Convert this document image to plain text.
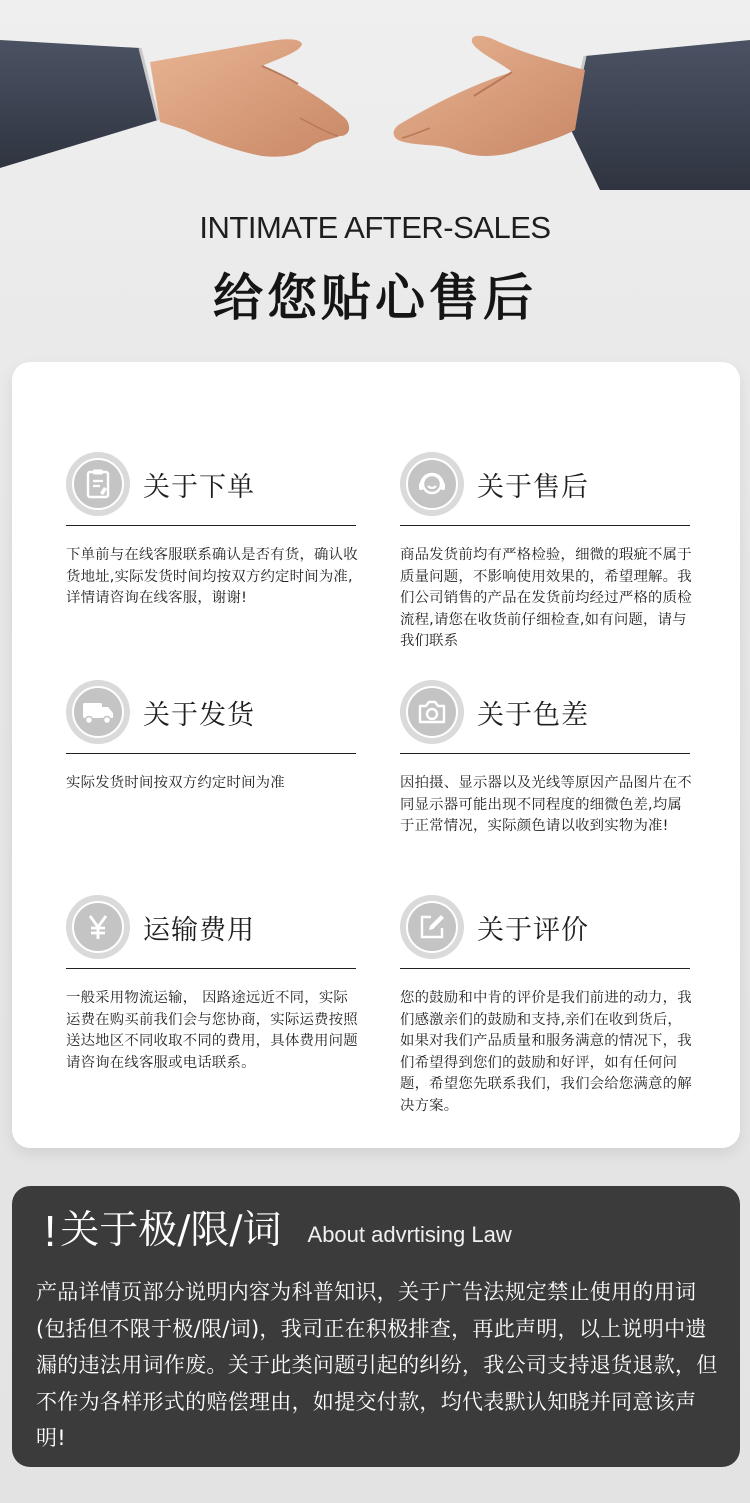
INTIMATE AFTER-SALES
给您贴心售后
关于下单
下单前与在线客服联系确认是否有货，确认收货地址,实际发货时间均按双方约定时间为准,详情请咨询在线客服，谢谢!
关于售后
商品发货前均有严格检验，细微的瑕疵不属于质量问题，不影响使用效果的，希望理解。我们公司销售的产品在发货前均经过严格的质检流程,请您在收货前仔细检查,如有问题，请与我们联系
关于发货
实际发货时间按双方约定时间为准
关于色差
因拍摄、显示器以及光线等原因产品图片在不同显示器可能出现不同程度的细微色差,均属于正常情况，实际颜色请以收到实物为准!
运输费用
一般采用物流运输， 因路途远近不同，实际运费在购买前我们会与您协商，实际运费按照送达地区不同收取不同的费用，具体费用问题请咨询在线客服或电话联系。
关于评价
您的鼓励和中肯的评价是我们前进的动力，我们感激亲们的鼓励和支持,亲们在收到货后，如果对我们产品质量和服务满意的情况下，我们希望得到您们的鼓励和好评，如有任何问题，希望您先联系我们，我们会给您满意的解决方案。
! 关于极/限/词 About advrtising Law
产品详情页部分说明内容为科普知识，关于广告法规定禁止使用的用词(包括但不限于极/限/词)，我司正在积极排查，再此声明，以上说明中遗漏的违法用词作废。关于此类问题引起的纠纷，我公司支持退货退款，但不作为各样形式的赔偿理由，如提交付款，均代表默认知晓并同意该声明!
